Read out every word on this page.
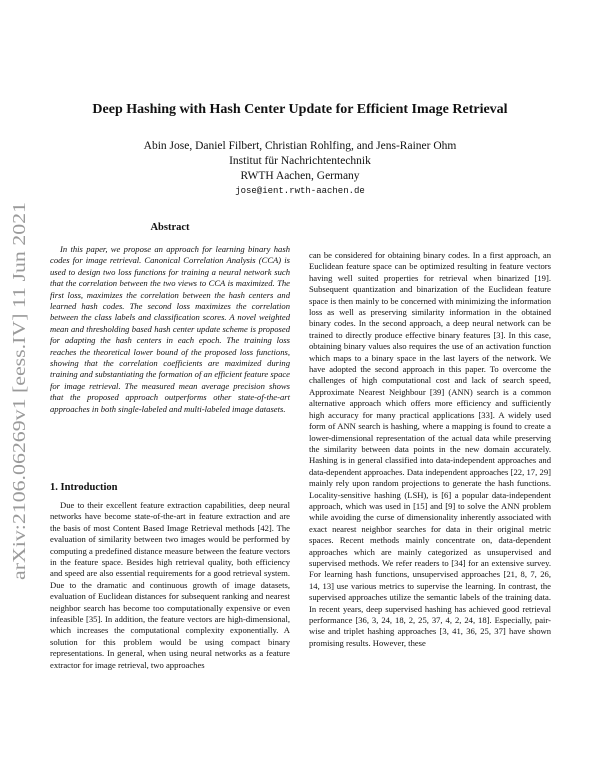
arXiv:2106.06269v1 [eess.IV] 11 Jun 2021
Deep Hashing with Hash Center Update for Efficient Image Retrieval
Abin Jose, Daniel Filbert, Christian Rohlfing, and Jens-Rainer Ohm
Institut für Nachrichtentechnik
RWTH Aachen, Germany
jose@ient.rwth-aachen.de
Abstract

In this paper, we propose an approach for learning binary hash codes for image retrieval. Canonical Correlation Analysis (CCA) is used to design two loss functions for training a neural network such that the correlation between the two views to CCA is maximized. The first loss, maximizes the correlation between the hash centers and learned hash codes. The second loss maximizes the correlation between the class labels and classification scores. A novel weighted mean and thresholding based hash center update scheme is proposed for adapting the hash centers in each epoch. The training loss reaches the theoretical lower bound of the proposed loss functions, showing that the correlation coefficients are maximized during training and substantiating the formation of an efficient feature space for image retrieval. The measured mean average precision shows that the proposed approach outperforms other state-of-the-art approaches in both single-labeled and multi-labeled image datasets.

1. Introduction

Due to their excellent feature extraction capabilities, deep neural networks have become state-of-the-art in feature extraction and are the basis of most Content Based Image Retrieval methods [42]. The evaluation of similarity between two images would be performed by computing a predefined distance measure between the feature vectors in the feature space. Besides high retrieval quality, both efficiency and speed are also essential requirements for a good retrieval system. Due to the dramatic and continuous growth of image datasets, evaluation of Euclidean distances for subsequent ranking and nearest neighbor search has become too computationally expensive or even infeasible [35]. In addition, the feature vectors are high-dimensional, which increases the computational complexity exponentially. A solution for this problem would be using compact binary representations. In general, when using neural networks as a feature extractor for image retrieval, two approaches

can be considered for obtaining binary codes. In a first approach, an Euclidean feature space can be optimized resulting in feature vectors having well suited properties for retrieval when binarized [19]. Subsequent quantization and binarization of the Euclidean feature space is then mainly to be concerned with minimizing the information loss as well as preserving similarity information in the obtained binary codes. In the second approach, a deep neural network can be trained to directly produce effective binary features [3]. In this case, obtaining binary values also requires the use of an activation function which maps to a binary space in the last layers of the network. We have adopted the second approach in this paper. To overcome the challenges of high computational cost and lack of search speed, Approximate Nearest Neighbour [39] (ANN) search is a common alternative approach which offers more efficiency and sufficiently high accuracy for many practical applications [33]. A widely used form of ANN search is hashing, where a mapping is found to create a lower-dimensional representation of the actual data while preserving the similarity between data points in the new domain accurately. Hashing is in general classified into data-independent approaches and data-dependent approaches. Data independent approaches [22, 17, 29] mainly rely upon random projections to generate the hash functions. Locality-sensitive hashing (LSH), is [6] a popular data-independent approach, which was used in [15] and [9] to solve the ANN problem while avoiding the curse of dimensionality inherently associated with exact nearest neighbor searches for data in their original metric spaces. Recent methods mainly concentrate on, data-dependent approaches which are mainly categorized as unsupervised and supervised methods. We refer readers to [34] for an extensive survey. For learning hash functions, unsupervised approaches [21, 8, 7, 26, 14, 13] use various metrics to supervise the learning. In contrast, the supervised approaches utilize the semantic labels of the training data. In recent years, deep supervised hashing has achieved good retrieval performance [36, 3, 24, 18, 2, 25, 37, 4, 2, 24, 18]. Especially, pair-wise and triplet hashing approaches [3, 41, 36, 25, 37] have shown promising results. However, these
